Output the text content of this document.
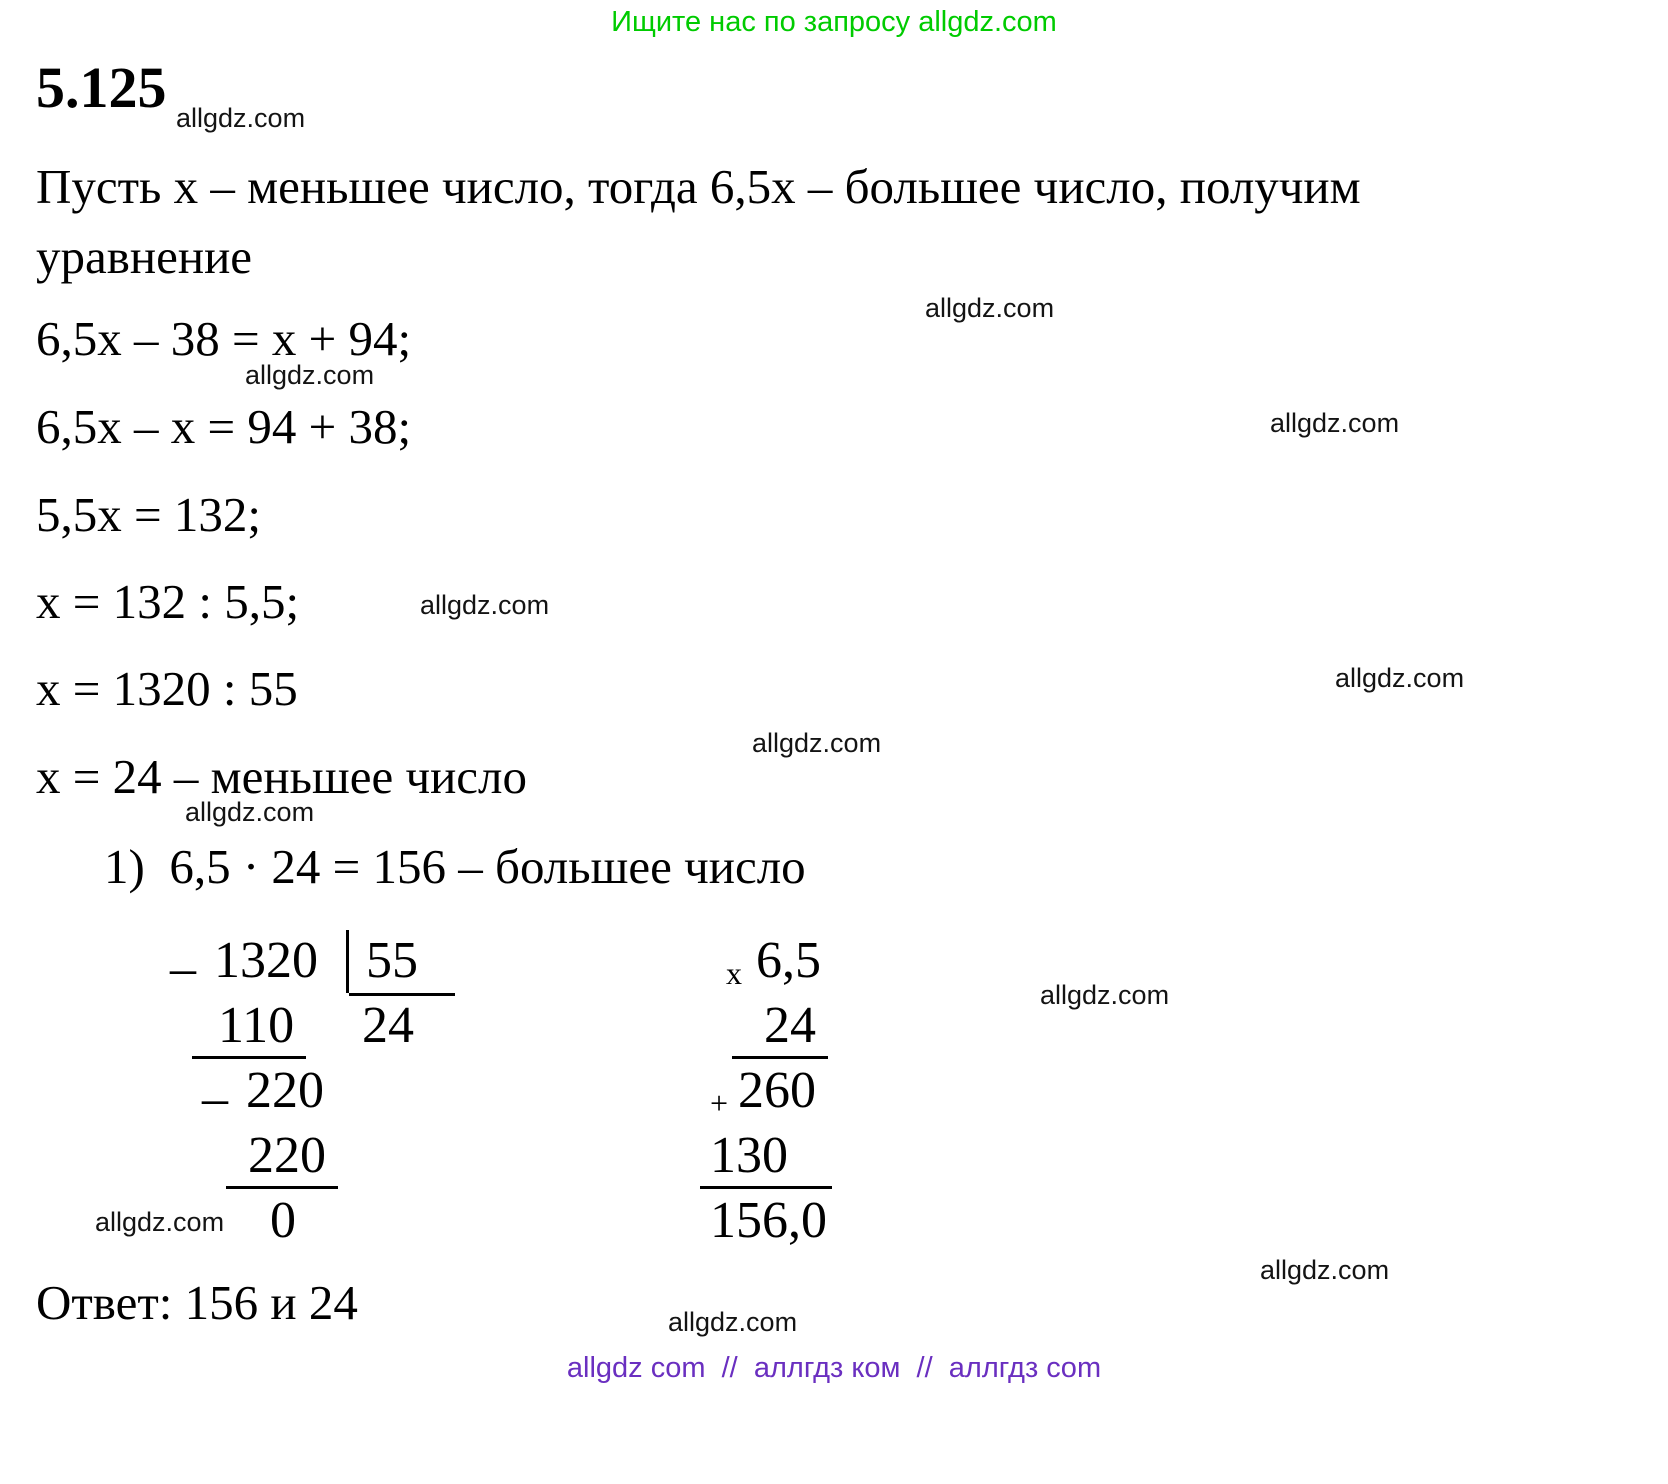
Ищите нас по запросу allgdz.com
5.125 allgdz.com
allgdz.com
allgdz.com
allgdz.com
allgdz.com
allgdz.com
allgdz.com
allgdz.com
allgdz.com
allgdz.com
allgdz.com
allgdz.com
Пусть x – меньшее число, тогда 6,5x – большее число, получим
уравнение
6,5x – 38 = x + 94;
6,5x – x = 94 + 38;
5,5x = 132;
x = 132 : 5,5;
x = 1320 : 55
x = 24 – меньшее число
1)  6,5 · 24 = 156 – большее число
– 1320 55
110 24
– 220
220
0
x 6,5
24
+ 260
130
156,0
Ответ: 156 и 24
allgdz com  //  аллгдз ком  //  аллгдз com
